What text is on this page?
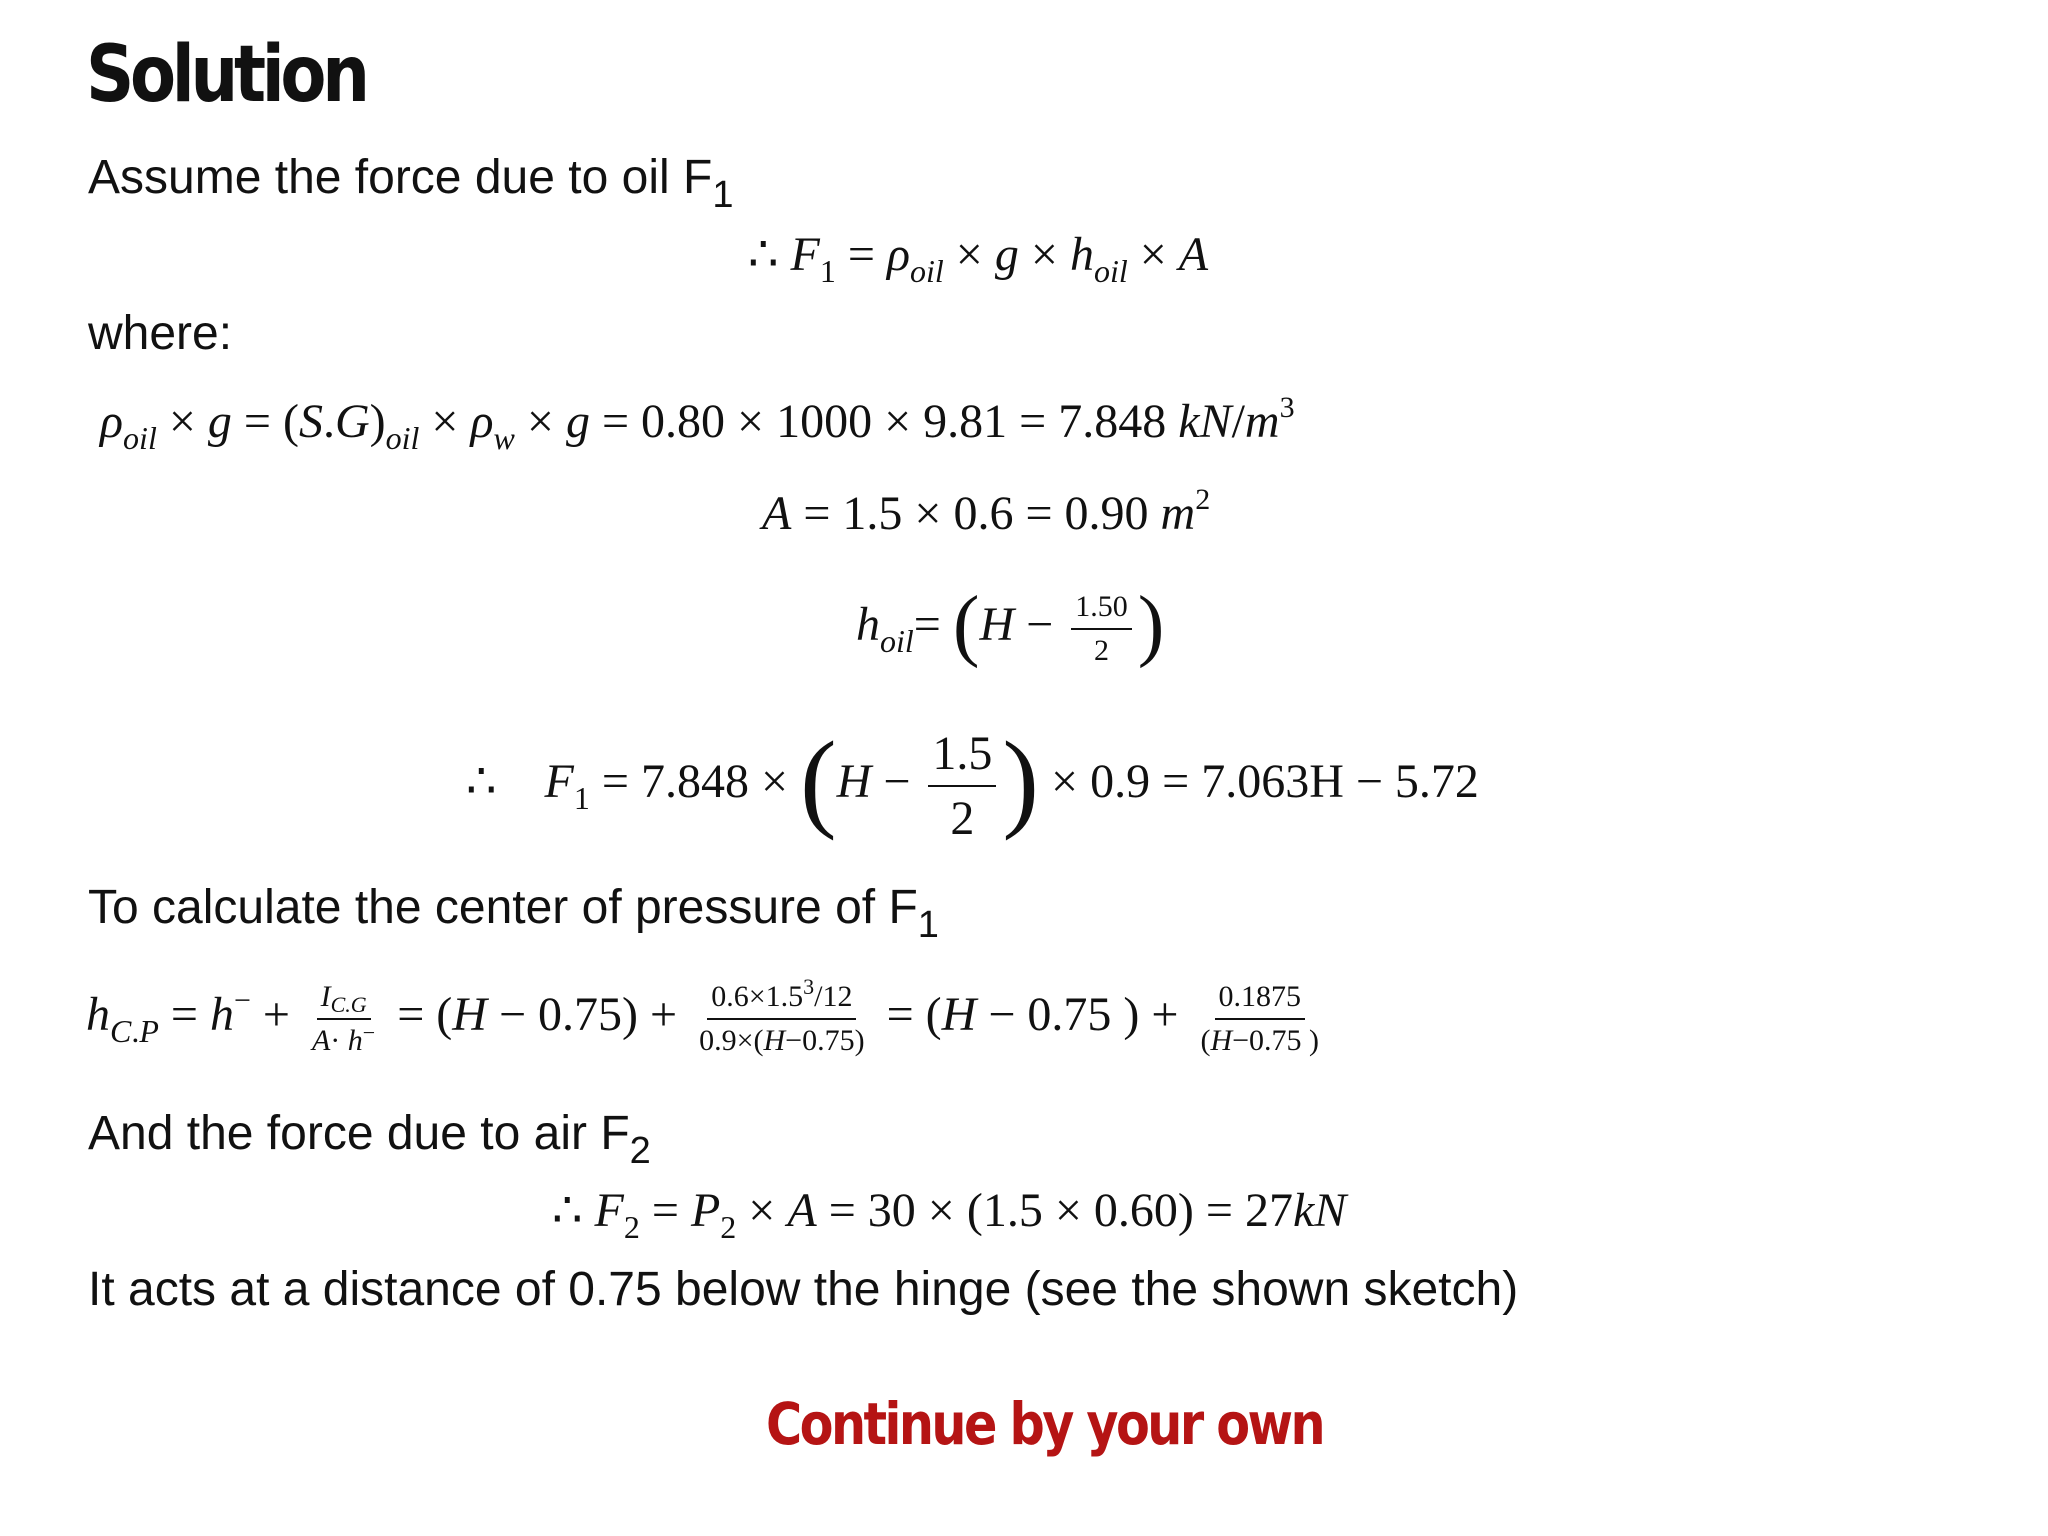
Solution
Assume the force due to oil $F_1$
∴ $F_1 = \rho_{oil} \times g \times h_{oil} \times A$
where:
$\rho_{oil} \times g = (S.G)_{oil} \times \rho_w \times g = 0.80 \times 1000 \times 9.81 = 7.848$ $kN/m^3$
A = 1.5 × 0.6 = 0.90 $m^2$
$h_{oil}= (H - \frac{1.50}{2}$ )
∴    $F_1 = 7.848 \times (H - \frac{1.5}{2}$ ) × 0.9 = 7.063H − 5.72
To calculate the center of pressure of $F_1$
$h_{C.P} = h^- + \frac{I_{C.G}}{A\cdot h^-} = (H - 0.75) + \frac{0.6\times 1.5^3/12}{0.9\times(H-0.75)} = (H - 0.75$ ) + $\frac{0.1875}{(H-0.75 )}$
And the force due to air $F_2$
∴ $F_2 = P_2 \times A = 30 \times (1.5 \times 0.60) = 27kN$
It acts at a distance of 0.75 below the hinge (see the shown sketch)
Continue by your own
